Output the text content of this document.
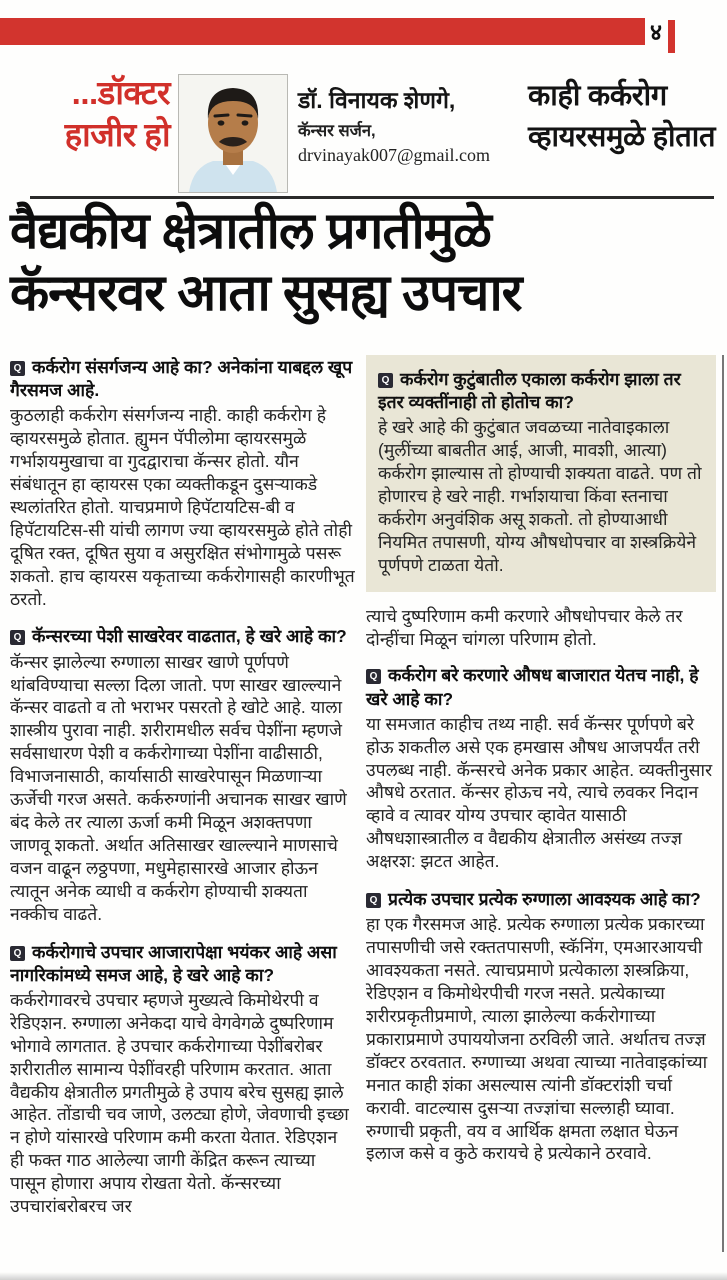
४
...डॉक्टर हाजीर हो
डॉ. विनायक शेणगे,
कॅन्सर सर्जन,
drvinayak007@gmail.com
काही कर्करोग व्हायरसमुळे होतात
वैद्यकीय क्षेत्रातील प्रगतीमुळे
कॅन्सरवर आता सुसह्य उपचार
Q कर्करोग संसर्गजन्य आहे का? अनेकांना याबद्दल खूप गैरसमज आहे.

कुठलाही कर्करोग संसर्गजन्य नाही. काही कर्करोग हे व्हायरसमुळे होतात. ह्युमन पॅपीलोमा व्हायरसमुळे गर्भाशयमुखाचा वा गुदद्वाराचा कॅन्सर होतो. यौन संबंधातून हा व्हायरस एका व्यक्तीकडून दुसऱ्याकडे स्थलांतरित होतो. याचप्रमाणे हिपॅटायटिस-बी व हिपॅटायटिस-सी यांची लागण ज्या व्हायरसमुळे होते तोही दूषित रक्त, दूषित सुया व असुरक्षित संभोगामुळे पसरू शकतो. हाच व्हायरस यकृताच्या कर्करोगासही कारणीभूत ठरतो.

Q कॅन्सरच्या पेशी साखरेवर वाढतात, हे खरे आहे का?

कॅन्सर झालेल्या रुग्णाला साखर खाणे पूर्णपणे थांबविण्याचा सल्ला दिला जातो. पण साखर खाल्ल्याने कॅन्सर वाढतो व तो भराभर पसरतो हे खोटे आहे. याला शास्त्रीय पुरावा नाही. शरीरामधील सर्वच पेशींना म्हणजे सर्वसाधारण पेशी व कर्करोगाच्या पेशींना वाढीसाठी, विभाजनासाठी, कार्यासाठी साखरेपासून मिळणाऱ्या ऊर्जेची गरज असते. कर्करुग्णांनी अचानक साखर खाणे बंद केले तर त्याला ऊर्जा कमी मिळून अशक्तपणा जाणवू शकतो. अर्थात अतिसाखर खाल्ल्याने माणसाचे वजन वाढून लठ्ठपणा, मधुमेहासारखे आजार होऊन त्यातून अनेक व्याधी व कर्करोग होण्याची शक्यता नक्कीच वाढते.

Q कर्करोगाचे उपचार आजारापेक्षा भयंकर आहे असा नागरिकांमध्ये समज आहे, हे खरे आहे का?

कर्करोगावरचे उपचार म्हणजे मुख्यत्वे किमोथेरपी व रेडिएशन. रुग्णाला अनेकदा याचे वेगवेगळे दुष्परिणाम भोगावे लागतात. हे उपचार कर्करोगाच्या पेशींबरोबर शरीरातील सामान्य पेशींवरही परिणाम करतात. आता वैद्यकीय क्षेत्रातील प्रगतीमुळे हे उपाय बरेच सुसह्य झाले आहेत. तोंडाची चव जाणे, उलट्या होणे, जेवणाची इच्छा न होणे यांसारखे परिणाम कमी करता येतात. रेडिएशन ही फक्त गाठ आलेल्या जागी केंद्रित करून त्याच्या पासून होणारा अपाय रोखता येतो. कॅन्सरच्या उपचारांबरोबरच जर

Q कर्करोग कुटुंबातील एकाला कर्करोग झाला तर इतर व्यक्तींनाही तो होतोच का?

हे खरे आहे की कुटुंबात जवळच्या नातेवाइकाला (मुलींच्या बाबतीत आई, आजी, मावशी, आत्या) कर्करोग झाल्यास तो होण्याची शक्यता वाढते. पण तो होणारच हे खरे नाही. गर्भाशयाचा किंवा स्तनाचा कर्करोग अनुवंशिक असू शकतो. तो होण्याआधी नियमित तपासणी, योग्य औषधोपचार वा शस्त्रक्रियेने पूर्णपणे टाळता येतो.

त्याचे दुष्परिणाम कमी करणारे औषधोपचार केले तर दोन्हींचा मिळून चांगला परिणाम होतो.

Q कर्करोग बरे करणारे औषध बाजारात येतच नाही, हे खरे आहे का?

या समजात काहीच तथ्य नाही. सर्व कॅन्सर पूर्णपणे बरे होऊ शकतील असे एक हमखास औषध आजपर्यंत तरी उपलब्ध नाही. कॅन्सरचे अनेक प्रकार आहेत. व्यक्तीनुसार औषधे ठरतात. कॅन्सर होऊच नये, त्याचे लवकर निदान व्हावे व त्यावर योग्य उपचार व्हावेत यासाठी औषधशास्त्रातील व वैद्यकीय क्षेत्रातील असंख्य तज्ज्ञ अक्षरश: झटत आहेत.

Q प्रत्येक उपचार प्रत्येक रुग्णाला आवश्यक आहे का?

हा एक गैरसमज आहे. प्रत्येक रुग्णाला प्रत्येक प्रकारच्या तपासणीची जसे रक्ततपासणी, स्कॅनिंग, एमआरआयची आवश्यकता नसते. त्याचप्रमाणे प्रत्येकाला शस्त्रक्रिया, रेडिएशन व किमोथेरपीची गरज नसते. प्रत्येकाच्या शरीरप्रकृतीप्रमाणे, त्याला झालेल्या कर्करोगाच्या प्रकाराप्रमाणे उपाययोजना ठरविली जाते. अर्थातच तज्ज्ञ डॉक्टर ठरवतात. रुग्णाच्या अथवा त्याच्या नातेवाइकांच्या मनात काही शंका असल्यास त्यांनी डॉक्टरांशी चर्चा करावी. वाटल्यास दुसऱ्या तज्ज्ञांचा सल्लाही घ्यावा. रुग्णाची प्रकृती, वय व आर्थिक क्षमता लक्षात घेऊन इलाज कसे व कुठे करायचे हे प्रत्येकाने ठरवावे.
